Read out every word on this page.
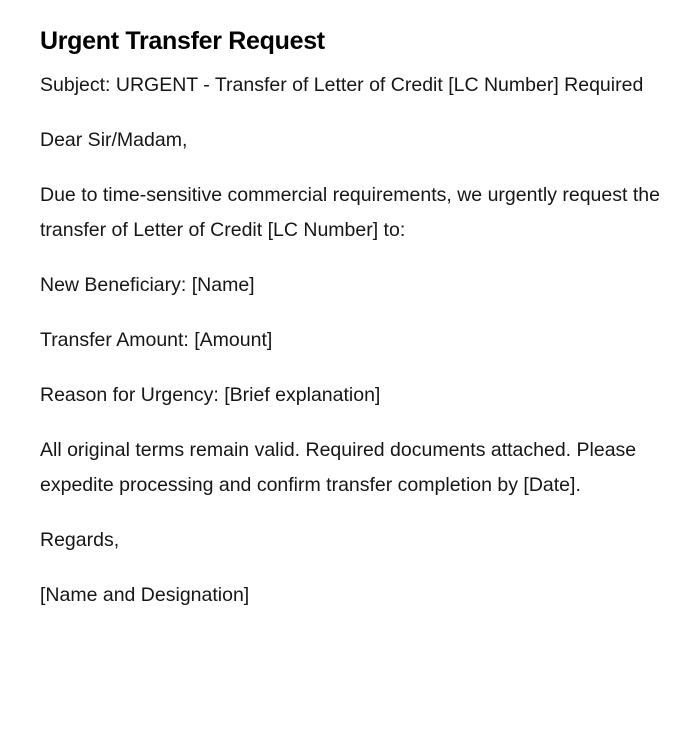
Urgent Transfer Request

Subject: URGENT - Transfer of Letter of Credit [LC Number] Required

Dear Sir/Madam,

Due to time-sensitive commercial requirements, we urgently request the transfer of Letter of Credit [LC Number] to:

New Beneficiary: [Name]

Transfer Amount: [Amount]

Reason for Urgency: [Brief explanation]

All original terms remain valid. Required documents attached. Please expedite processing and confirm transfer completion by [Date].

Regards,

[Name and Designation]
